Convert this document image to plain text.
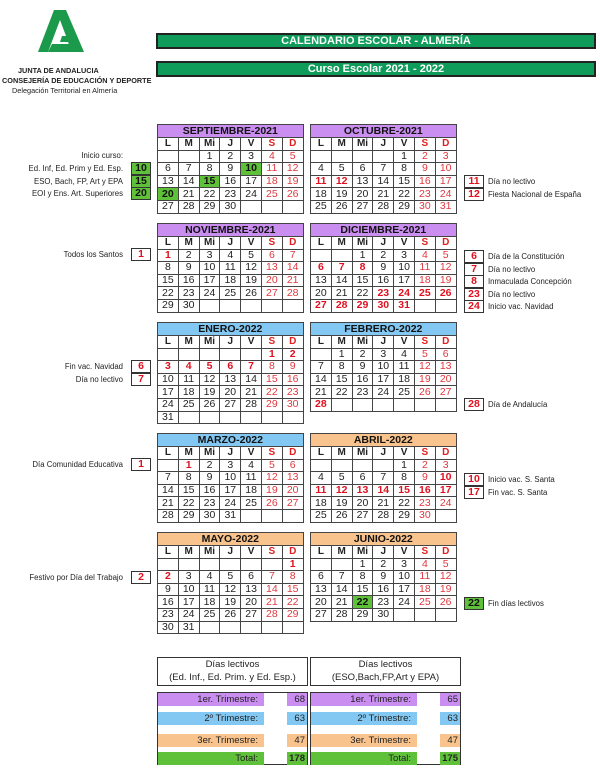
JUNTA DE ANDALUCIA
CONSEJERÍA DE EDUCACIÓN Y DEPORTE
Delegación Territorial en Almería
CALENDARIO ESCOLAR - ALMERÍA
Curso Escolar 2021 - 2022
SEPTIEMBRE-2021						
L	M	Mi	J	V	S	D
		1	2	3	4	5
6	7	8	9	10	11	12
13	14	15	16	17	18	19
20	21	22	23	24	25	26
27	28	29	30			
OCTUBRE-2021						
L	M	Mi	J	V	S	D
				1	2	3
4	5	6	7	8	9	10
11	12	13	14	15	16	17
18	19	20	21	22	23	24
25	26	27	28	29	30	31
NOVIEMBRE-2021						
L	M	Mi	J	V	S	D
1	2	3	4	5	6	7
8	9	10	11	12	13	14
15	16	17	18	19	20	21
22	23	24	25	26	27	28
29	30					
DICIEMBRE-2021						
L	M	Mi	J	V	S	D
		1	2	3	4	5
6	7	8	9	10	11	12
13	14	15	16	17	18	19
20	21	22	23	24	25	26
27	28	29	30	31		
ENERO-2022						
L	M	Mi	J	V	S	D
					1	2
3	4	5	6	7	8	9
10	11	12	13	14	15	16
17	18	19	20	21	22	23
24	25	26	27	28	29	30
31						
FEBRERO-2022						
L	M	Mi	J	V	S	D
	1	2	3	4	5	6
7	8	9	10	11	12	13
14	15	16	17	18	19	20
21	22	23	24	25	26	27
28						
MARZO-2022						
L	M	Mi	J	V	S	D
	1	2	3	4	5	6
7	8	9	10	11	12	13
14	15	16	17	18	19	20
21	22	23	24	25	26	27
28	29	30	31			
ABRIL-2022						
L	M	Mi	J	V	S	D
				1	2	3
4	5	6	7	8	9	10
11	12	13	14	15	16	17
18	19	20	21	22	23	24
25	26	27	28	29	30	
MAYO-2022						
L	M	Mi	J	V	S	D
						1
2	3	4	5	6	7	8
9	10	11	12	13	14	15
16	17	18	19	20	21	22
23	24	25	26	27	28	29
30	31					
JUNIO-2022						
L	M	Mi	J	V	S	D
		1	2	3	4	5
6	7	8	9	10	11	12
13	14	15	16	17	18	19
20	21	22	23	24	25	26
27	28	29	30			
Inicio curso:
Ed. Inf, Ed. Prim y Ed. Esp.	10
ESO, Bach, FP, Art y EPA	15
EOI y Ens. Art. Superiores	20
Todos los Santos	1
Fin vac. Navidad	6
Día no lectivo	7
Día Comunidad Educativa	1
Festivo por Día del Trabajo	2
11	Día no lectivo
12	Fiesta Nacional de España
6	Día de la Constitución
7	Día no lectivo
8	Inmaculada Concepción
23	Día no lectivo
24	Inicio vac. Navidad
28	Día de Andalucía
10	Inicio vac. S. Santa
17	Fin vac. S. Santa
22	Fin días lectivos
Días lectivos
(Ed. Inf., Ed. Prim. y Ed. Esp.)
1er. Trimestre:	68
2º Trimestre:	63
3er. Trimestre:	47
Total:	178
Días lectivos
(ESO,Bach,FP,Art y EPA)
1er. Trimestre:	65
2º Trimestre:	63
3er. Trimestre:	47
Total:	175
